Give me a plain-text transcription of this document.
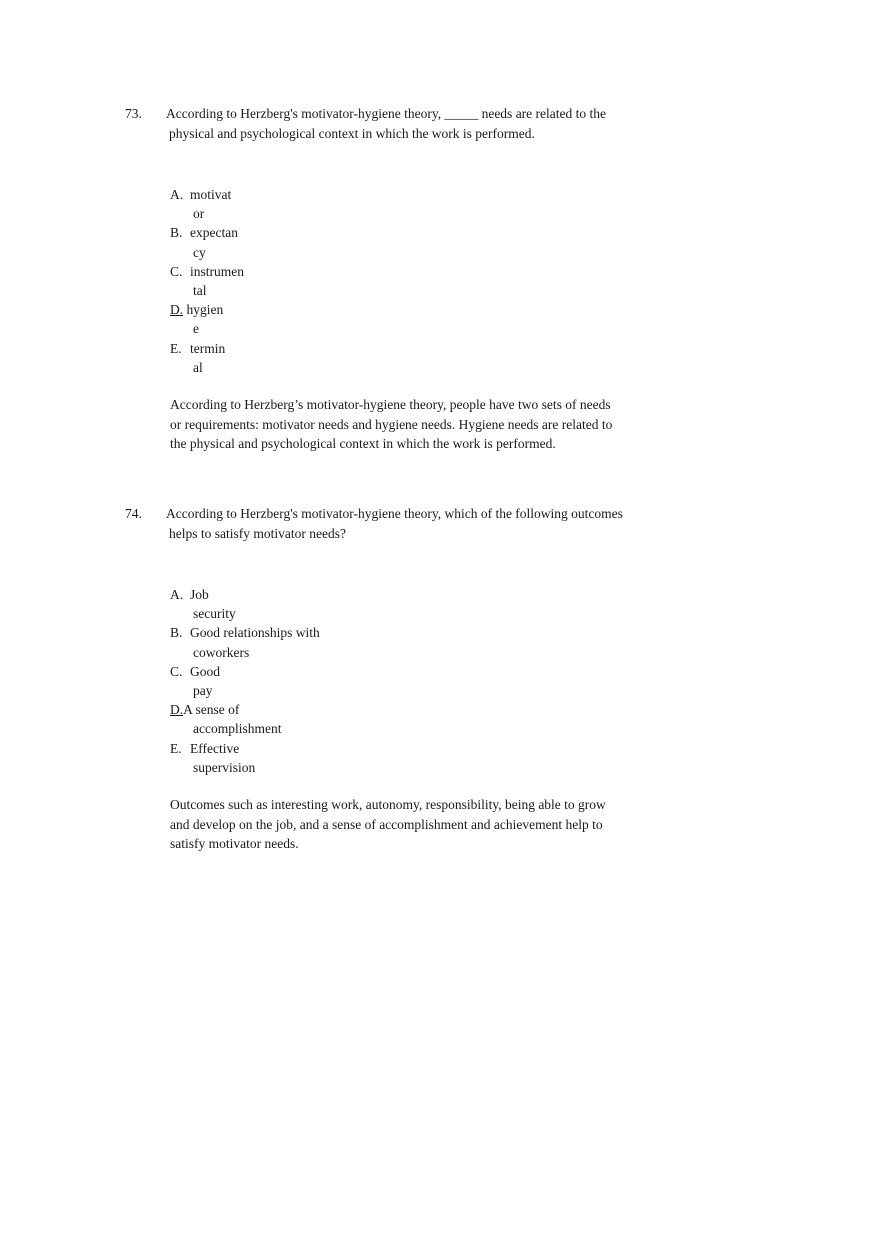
73. According to Herzberg's motivator-hygiene theory, _____ needs are related to the
physical and psychological context in which the work is performed.
A. motivat
or
B. expectan
cy
C. instrumen
tal
D. hygien
e
E. termin
al
According to Herzberg’s motivator-hygiene theory, people have two sets of needs
or requirements: motivator needs and hygiene needs. Hygiene needs are related to
the physical and psychological context in which the work is performed.
74. According to Herzberg's motivator-hygiene theory, which of the following outcomes
helps to satisfy motivator needs?
A. Job
security
B. Good relationships with
coworkers
C. Good
pay
D.A sense of
accomplishment
E. Effective
supervision
Outcomes such as interesting work, autonomy, responsibility, being able to grow
and develop on the job, and a sense of accomplishment and achievement help to
satisfy motivator needs.
